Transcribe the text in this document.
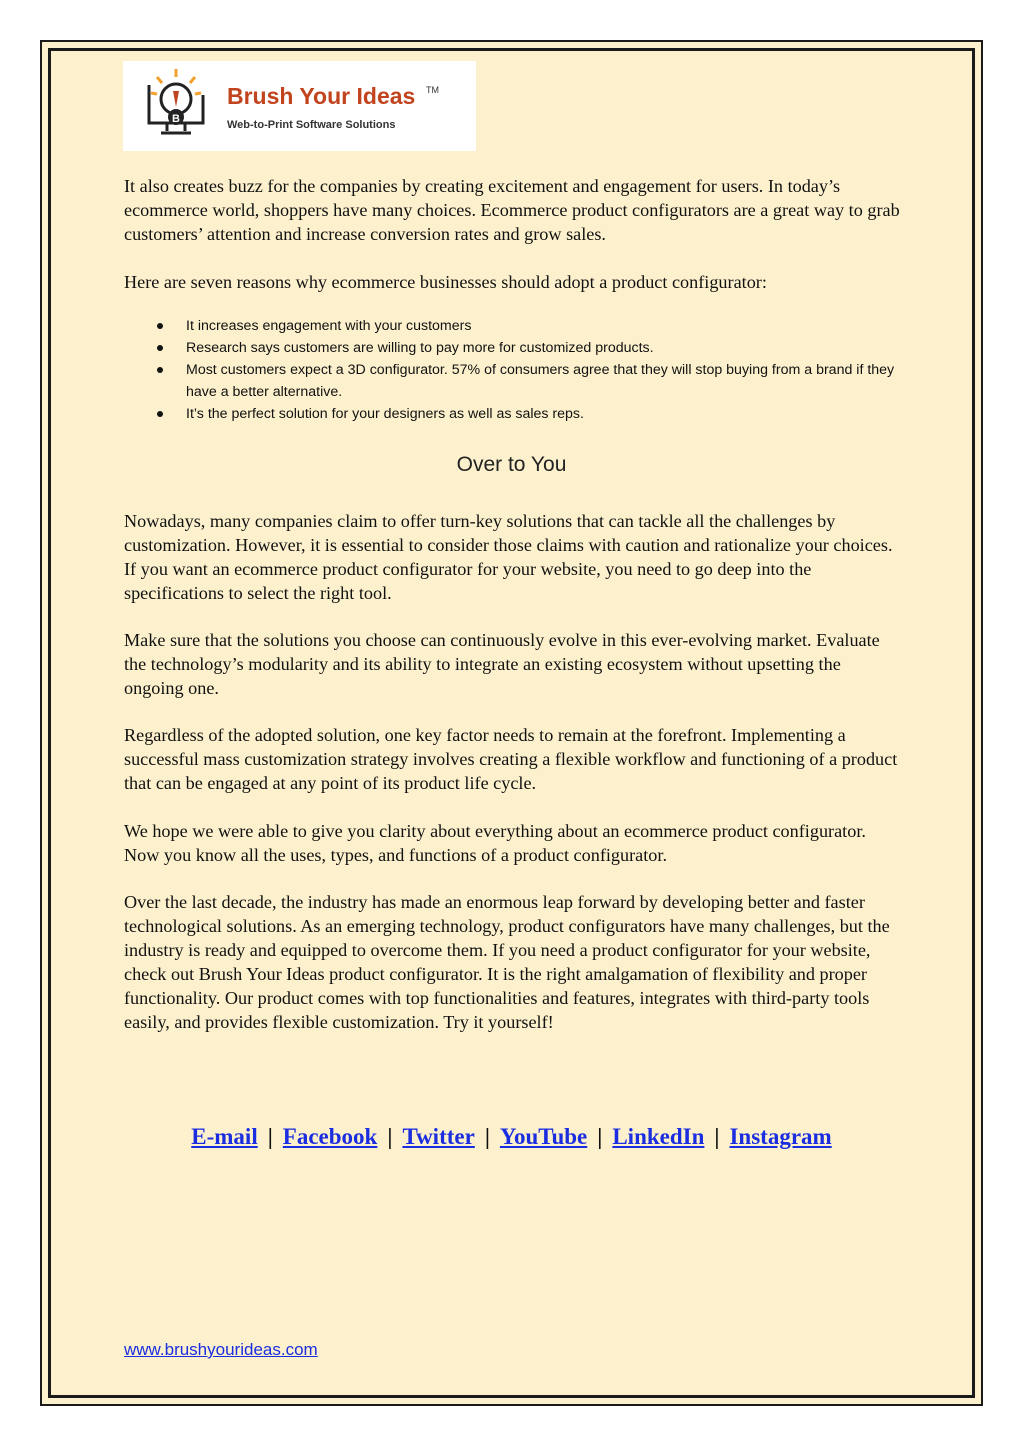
B
Brush Your Ideas TM
Web-to-Print Software Solutions

It also creates buzz for the companies by creating excitement and engagement for users. In today’s ecommerce world, shoppers have many choices. Ecommerce product configurators are a great way to grab customers’ attention and increase conversion rates and grow sales.

Here are seven reasons why ecommerce businesses should adopt a product configurator:

It increases engagement with your customers
Research says customers are willing to pay more for customized products.
Most customers expect a 3D configurator. 57% of consumers agree that they will stop buying from a brand if they have a better alternative.
It’s the perfect solution for your designers as well as sales reps.
Over to You

Nowadays, many companies claim to offer turn-key solutions that can tackle all the challenges by customization. However, it is essential to consider those claims with caution and rationalize your choices. If you want an ecommerce product configurator for your website, you need to go deep into the specifications to select the right tool.

Make sure that the solutions you choose can continuously evolve in this ever-evolving market. Evaluate the technology’s modularity and its ability to integrate an existing ecosystem without upsetting the ongoing one.

Regardless of the adopted solution, one key factor needs to remain at the forefront. Implementing a successful mass customization strategy involves creating a flexible workflow and functioning of a product that can be engaged at any point of its product life cycle.

We hope we were able to give you clarity about everything about an ecommerce product configurator. Now you know all the uses, types, and functions of a product configurator.

Over the last decade, the industry has made an enormous leap forward by developing better and faster technological solutions. As an emerging technology, product configurators have many challenges, but the industry is ready and equipped to overcome them. If you need a product configurator for your website, check out Brush Your Ideas product configurator. It is the right amalgamation of flexibility and proper functionality. Our product comes with top functionalities and features, integrates with third-party tools easily, and provides flexible customization. Try it yourself!

E-mail | Facebook | Twitter | YouTube | LinkedIn | Instagram
www.brushyourideas.com
